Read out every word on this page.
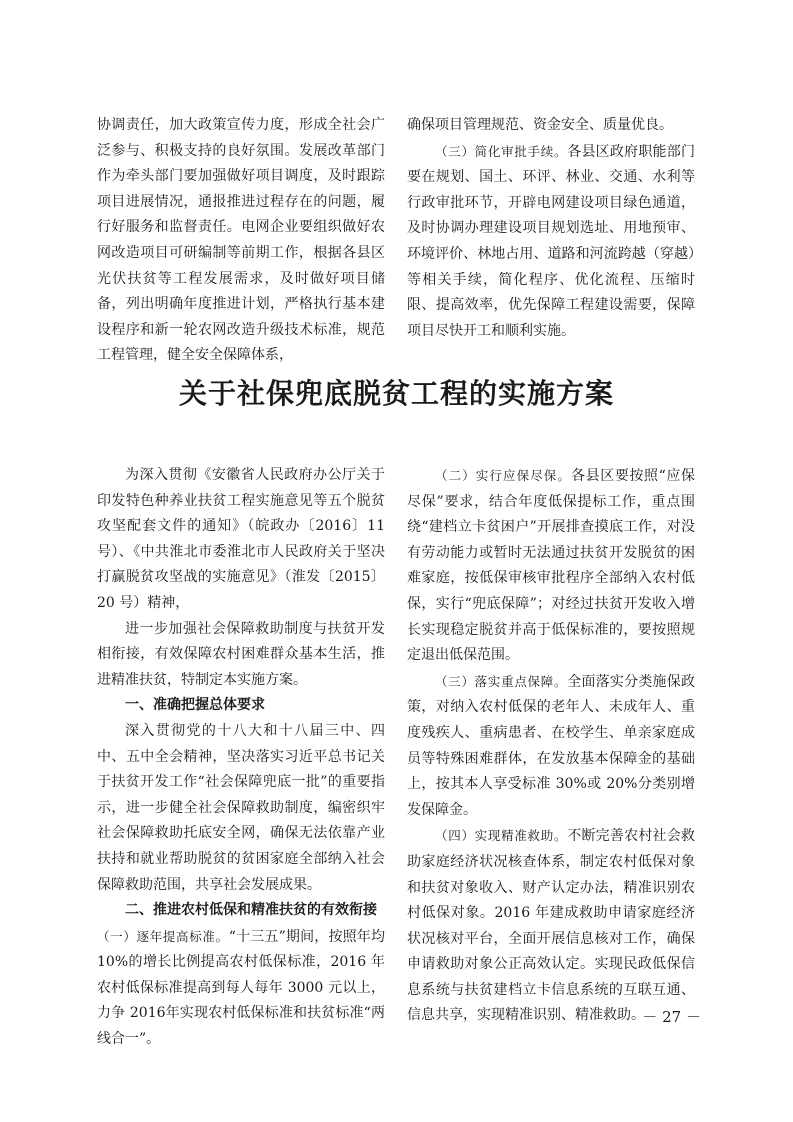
协调责任，加大政策宣传力度，形成全社会广泛参与、积极支持的良好氛围。发展改革部门作为牵头部门要加强做好项目调度，及时跟踪项目进展情况，通报推进过程存在的问题，履行好服务和监督责任。电网企业要组织做好农网改造项目可研编制等前期工作，根据各县区光伏扶贫等工程发展需求，及时做好项目储备，列出明确年度推进计划，严格执行基本建设程序和新一轮农网改造升级技术标准，规范工程管理，健全安全保障体系，

确保项目管理规范、资金安全、质量优良。

（三）简化审批手续。各县区政府职能部门要在规划、国土、环评、林业、交通、水利等行政审批环节，开辟电网建设项目绿色通道，及时协调办理建设项目规划选址、用地预审、环境评价、林地占用、道路和河流跨越（穿越）等相关手续，简化程序、优化流程、压缩时限、提高效率，优先保障工程建设需要，保障项目尽快开工和顺利实施。

关于社保兜底脱贫工程的实施方案

为深入贯彻《安徽省人民政府办公厅关于印发特色种养业扶贫工程实施意见等五个脱贫攻坚配套文件的通知》（皖政办〔2016〕11 号）、《中共淮北市委淮北市人民政府关于坚决打赢脱贫攻坚战的实施意见》（淮发〔2015〕20 号）精神，

进一步加强社会保障救助制度与扶贫开发相衔接，有效保障农村困难群众基本生活，推进精准扶贫，特制定本实施方案。

一、准确把握总体要求

深入贯彻党的十八大和十八届三中、四中、五中全会精神，坚决落实习近平总书记关于扶贫开发工作“社会保障兜底一批”的重要指示，进一步健全社会保障救助制度，编密织牢社会保障救助托底安全网，确保无法依靠产业扶持和就业帮助脱贫的贫困家庭全部纳入社会保障救助范围，共享社会发展成果。

二、推进农村低保和精准扶贫的有效衔接

（一）逐年提高标准。“十三五”期间，按照年均10%的增长比例提高农村低保标准，2016 年农村低保标准提高到每人每年 3000 元以上，力争 2016年实现农村低保标准和扶贫标准“两线合一”。

（二）实行应保尽保。各县区要按照“应保尽保”要求，结合年度低保提标工作，重点围绕“建档立卡贫困户”开展排查摸底工作，对没有劳动能力或暂时无法通过扶贫开发脱贫的困难家庭，按低保审核审批程序全部纳入农村低保，实行“兜底保障”；对经过扶贫开发收入增长实现稳定脱贫并高于低保标准的，要按照规定退出低保范围。

（三）落实重点保障。全面落实分类施保政策，对纳入农村低保的老年人、未成年人、重度残疾人、重病患者、在校学生、单亲家庭成员等特殊困难群体，在发放基本保障金的基础上，按其本人享受标准 30%或 20%分类别增发保障金。

（四）实现精准救助。不断完善农村社会救助家庭经济状况核查体系，制定农村低保对象和扶贫对象收入、财产认定办法，精准识别农村低保对象。2016 年建成救助申请家庭经济状况核对平台，全面开展信息核对工作，确保申请救助对象公正高效认定。实现民政低保信息系统与扶贫建档立卡信息系统的互联互通、信息共享，实现精准识别、精准救助。

－ 27 －
